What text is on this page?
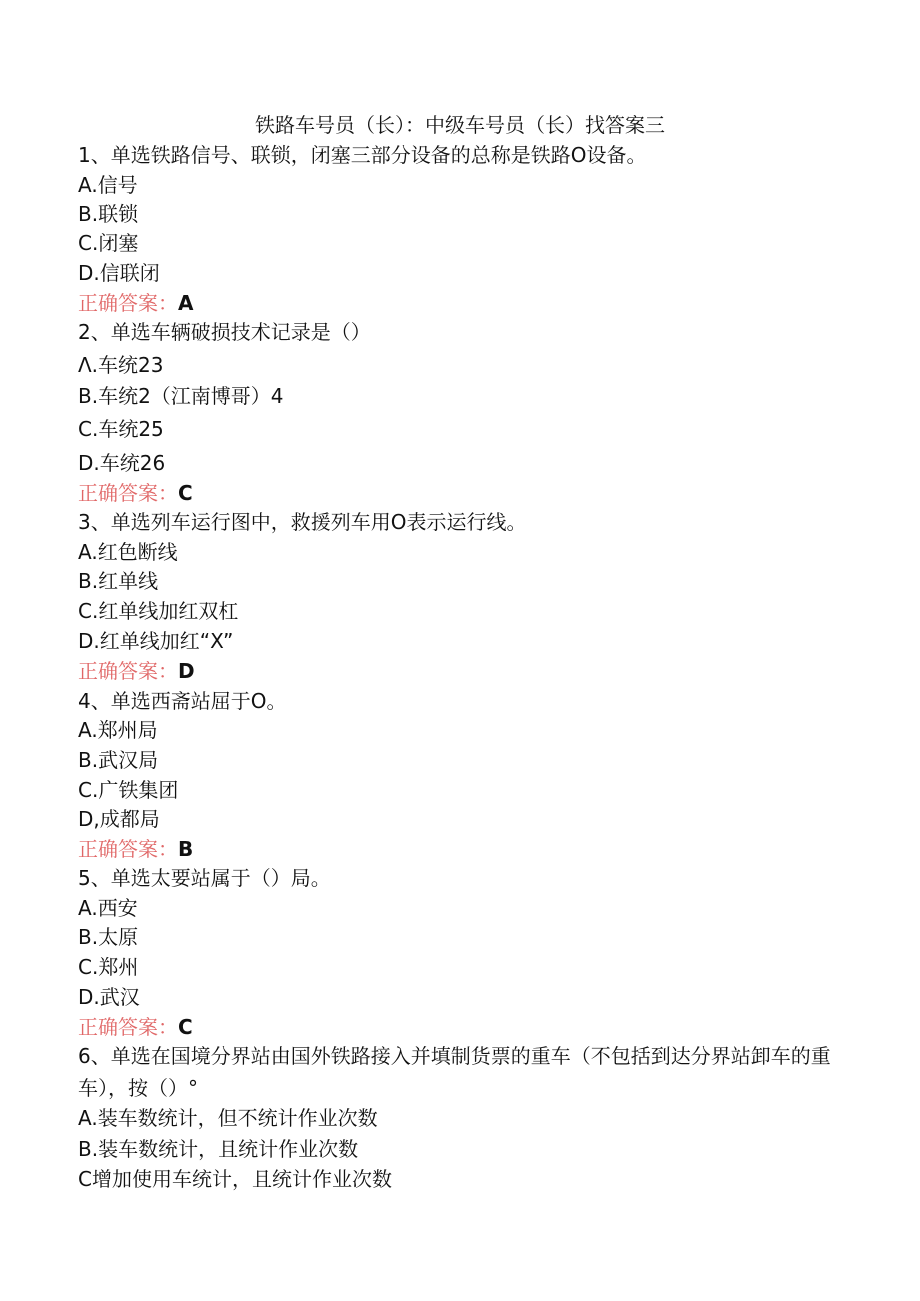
铁路车号员（长）：中级车号员（长）找答案三
1、单选铁路信号、联锁，闭塞三部分设备的总称是铁路O设备。
A.信号
B.联锁
C.闭塞
D.信联闭
正确答案：A
2、单选车辆破损技术记录是（）
Λ.车统23
B.车统2（江南博哥）4
C.车统25
D.车统26
正确答案：C
3、单选列车运行图中，救援列车用O表示运行线。
A.红色断线
B.红单线
C.红单线加红双杠
D.红单线加红“X”
正确答案：D
4、单选西斋站屈于O。
A.郑州局
B.武汉局
C.广铁集团
D,成都局
正确答案：B
5、单选太要站属于（）局。
A.西安
B.太原
C.郑州
D.武汉
正确答案：C
6、单选在国境分界站由国外铁路接入并填制货票的重车（不包括到达分界站卸车的重车），按（）°
A.装车数统计，但不统计作业次数
B.装车数统计，且统计作业次数
C增加使用车统计，且统计作业次数
